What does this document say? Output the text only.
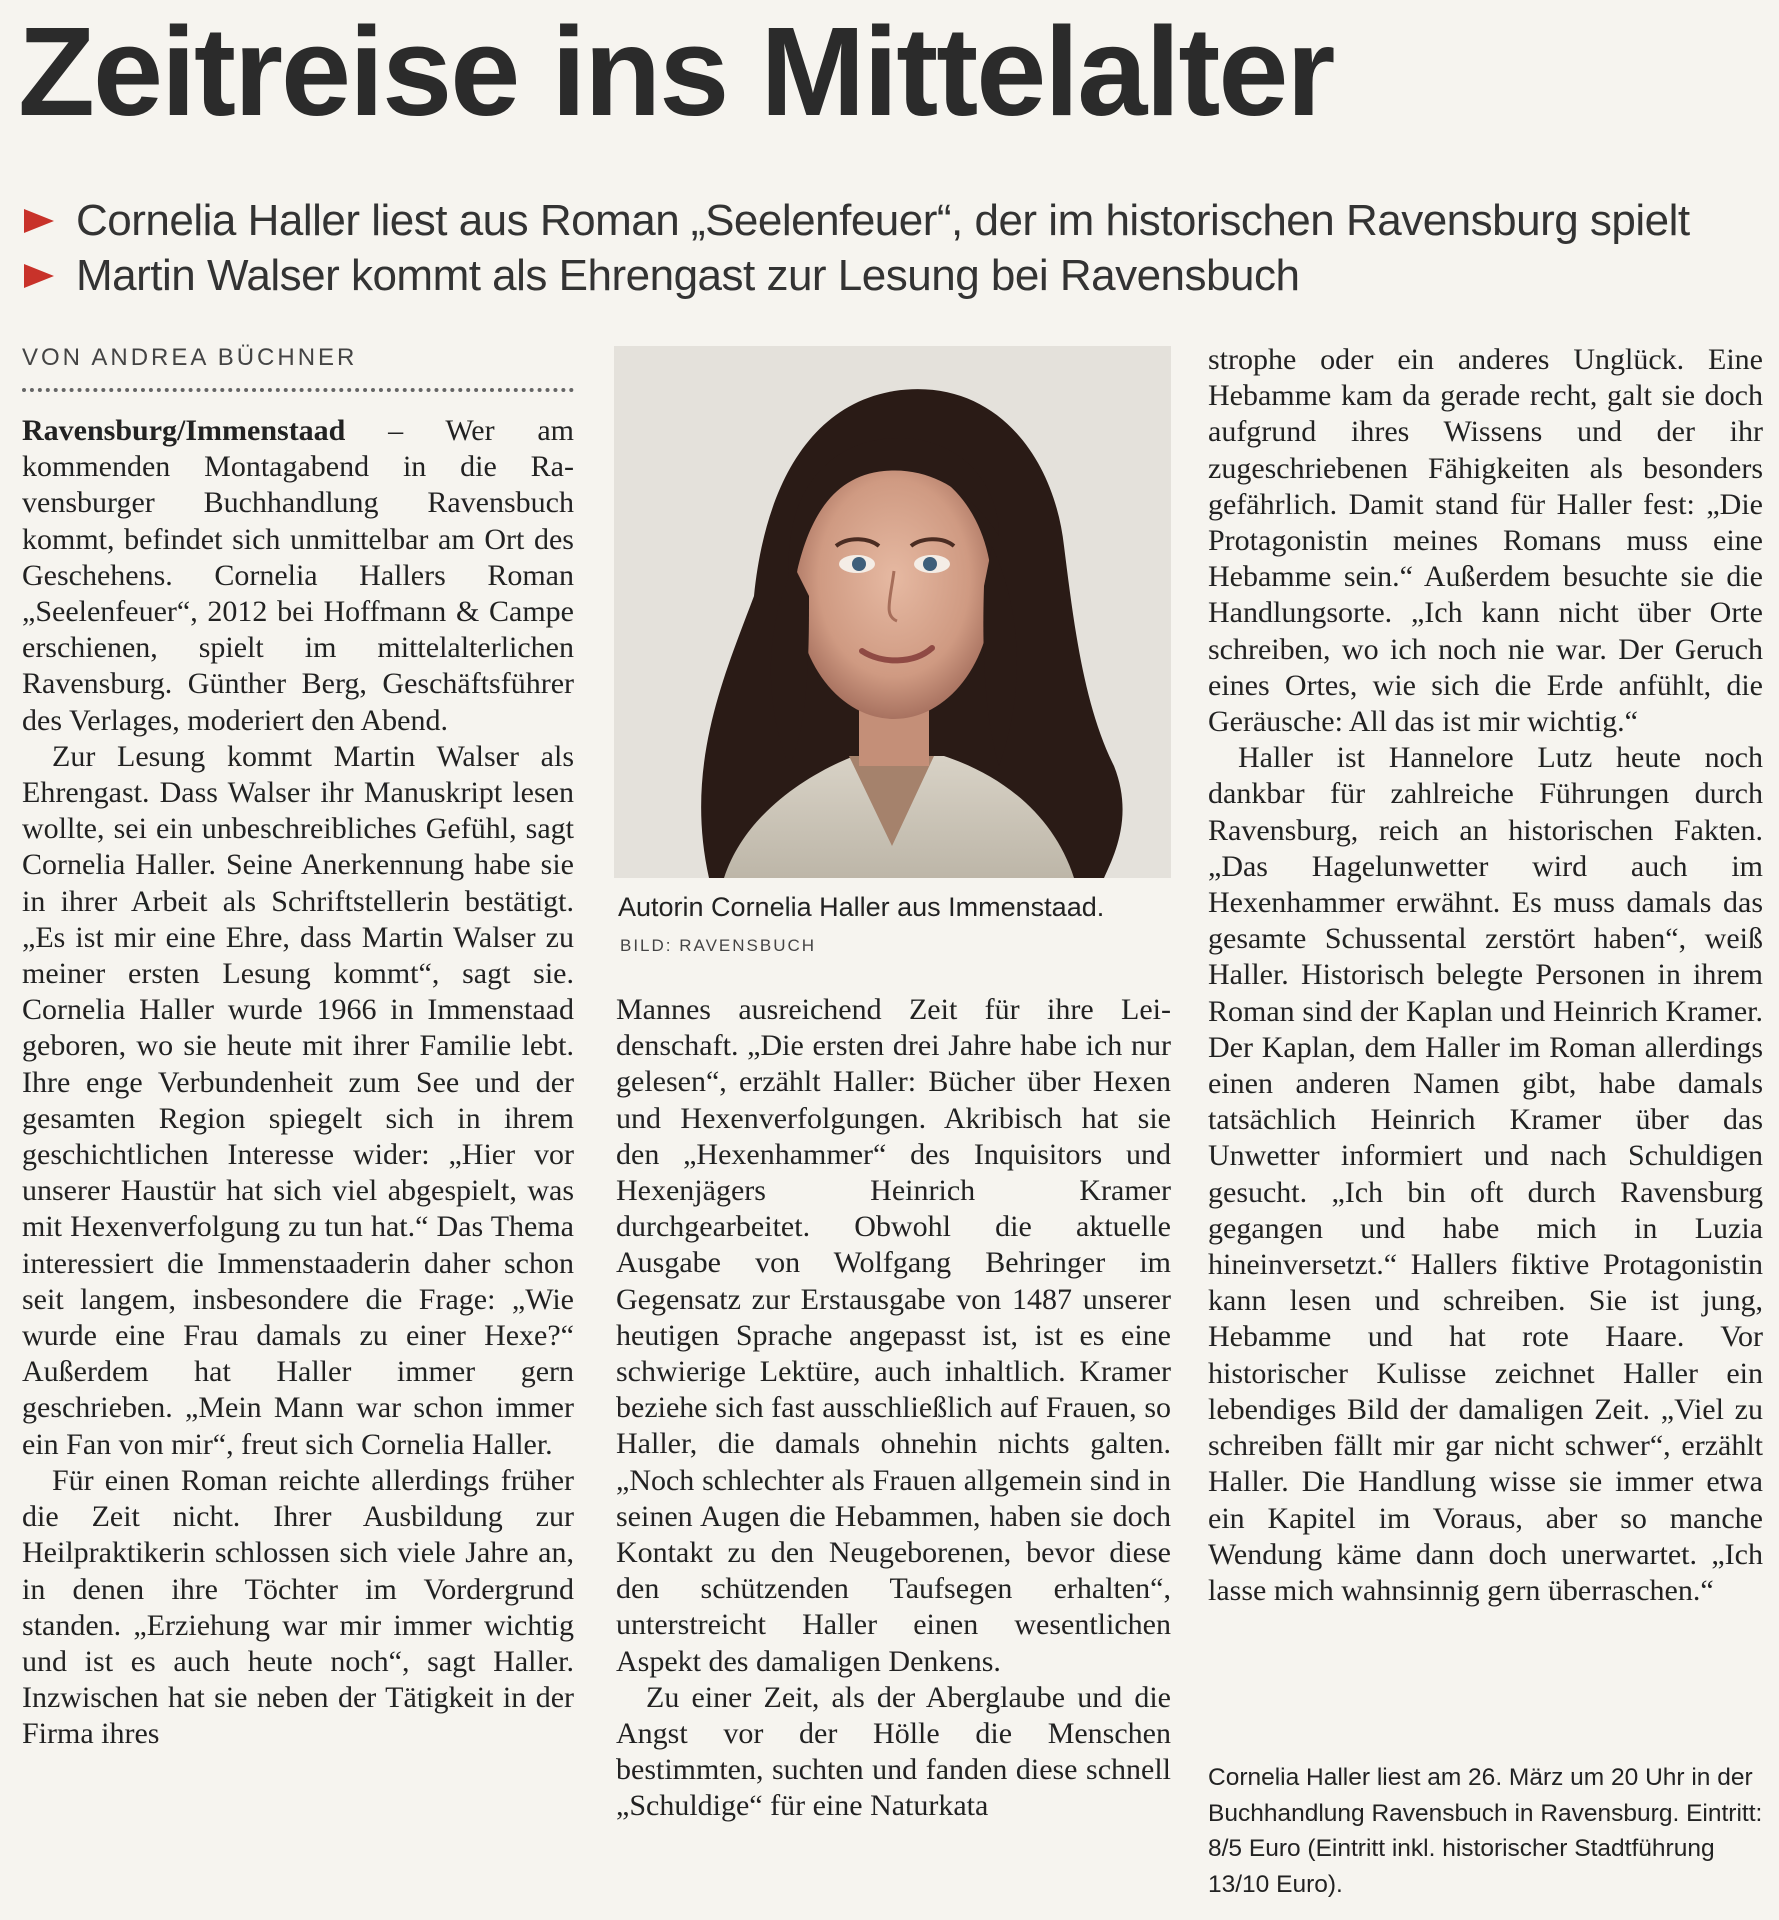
Zeitreise ins Mittelalter
Cornelia Haller liest aus Roman „Seelenfeuer“, der im historischen Ravensburg spielt
Martin Walser kommt als Ehrengast zur Lesung bei Ravensbuch
VON ANDREA BÜCHNER

Ravensburg/Immenstaad – Wer am kommenden Montagabend in die Ravensburger Buchhandlung Ravensbuch kommt, befindet sich unmittelbar am Ort des Geschehens. Cornelia Hallers Roman „Seelenfeuer“, 2012 bei Hoffmann & Campe erschienen, spielt im mittelalterlichen Ravensburg. Günther Berg, Geschäftsführer des Verlages, moderiert den Abend.

Zur Lesung kommt Martin Walser als Ehrengast. Dass Walser ihr Manuskript lesen wollte, sei ein unbeschreibliches Gefühl, sagt Cornelia Haller. Seine Anerkennung habe sie in ihrer Arbeit als Schriftstellerin bestätigt. „Es ist mir eine Ehre, dass Martin Walser zu meiner ersten Lesung kommt“, sagt sie. Cornelia Haller wurde 1966 in Immenstaad geboren, wo sie heute mit ihrer Familie lebt. Ihre enge Verbundenheit zum See und der gesamten Region spiegelt sich in ihrem geschichtlichen Interesse wider: „Hier vor unserer Haustür hat sich viel abgespielt, was mit Hexenverfolgung zu tun hat.“ Das Thema interessiert die Immenstaaderin daher schon seit langem, insbesondere die Frage: „Wie wurde eine Frau damals zu einer Hexe?“ Außerdem hat Haller immer gern geschrieben. „Mein Mann war schon immer ein Fan von mir“, freut sich Cornelia Haller.

Für einen Roman reichte allerdings früher die Zeit nicht. Ihrer Ausbildung zur Heilpraktikerin schlossen sich viele Jahre an, in denen ihre Töchter im Vordergrund standen. „Erziehung war mir immer wichtig und ist es auch heute noch“, sagt Haller. Inzwischen hat sie neben der Tätigkeit in der Firma ihres

Autorin Cornelia Haller aus Immenstaad.
BILD: RAVENSBUCH

Mannes ausreichend Zeit für ihre Leidenschaft. „Die ersten drei Jahre habe ich nur gelesen“, erzählt Haller: Bücher über Hexen und Hexenverfolgungen. Akribisch hat sie den „Hexenhammer“ des Inquisitors und Hexenjägers Heinrich Kramer durchgearbeitet. Obwohl die aktuelle Ausgabe von Wolfgang Behringer im Gegensatz zur Erstausgabe von 1487 unserer heutigen Sprache angepasst ist, ist es eine schwierige Lektüre, auch inhaltlich. Kramer beziehe sich fast ausschließlich auf Frauen, so Haller, die damals ohnehin nichts galten. „Noch schlechter als Frauen allgemein sind in seinen Augen die Hebammen, haben sie doch Kontakt zu den Neugeborenen, bevor diese den schützenden Taufsegen erhalten“, unterstreicht Haller einen wesentlichen Aspekt des damaligen Denkens.

Zu einer Zeit, als der Aberglaube und die Angst vor der Hölle die Menschen bestimmten, suchten und fanden diese schnell „Schuldige“ für eine Naturkata

strophe oder ein anderes Unglück. Eine Hebamme kam da gerade recht, galt sie doch aufgrund ihres Wissens und der ihr zugeschriebenen Fähigkeiten als besonders gefährlich. Damit stand für Haller fest: „Die Protagonistin meines Romans muss eine Hebamme sein.“ Außerdem besuchte sie die Handlungsorte. „Ich kann nicht über Orte schreiben, wo ich noch nie war. Der Geruch eines Ortes, wie sich die Erde anfühlt, die Geräusche: All das ist mir wichtig.“

Haller ist Hannelore Lutz heute noch dankbar für zahlreiche Führungen durch Ravensburg, reich an historischen Fakten. „Das Hagelunwetter wird auch im Hexenhammer erwähnt. Es muss damals das gesamte Schussental zerstört haben“, weiß Haller. Historisch belegte Personen in ihrem Roman sind der Kaplan und Heinrich Kramer. Der Kaplan, dem Haller im Roman allerdings einen anderen Namen gibt, habe damals tatsächlich Heinrich Kramer über das Unwetter informiert und nach Schuldigen gesucht. „Ich bin oft durch Ravensburg gegangen und habe mich in Luzia hineinversetzt.“ Hallers fiktive Protagonistin kann lesen und schreiben. Sie ist jung, Hebamme und hat rote Haare. Vor historischer Kulisse zeichnet Haller ein lebendiges Bild der damaligen Zeit. „Viel zu schreiben fällt mir gar nicht schwer“, erzählt Haller. Die Handlung wisse sie immer etwa ein Kapitel im Voraus, aber so manche Wendung käme dann doch unerwartet. „Ich lasse mich wahnsinnig gern überraschen.“

Cornelia Haller liest am 26. März um 20 Uhr in der Buchhandlung Ravensbuch in Ravensburg. Eintritt: 8/5 Euro (Eintritt inkl. historischer Stadtführung 13/10 Euro).
